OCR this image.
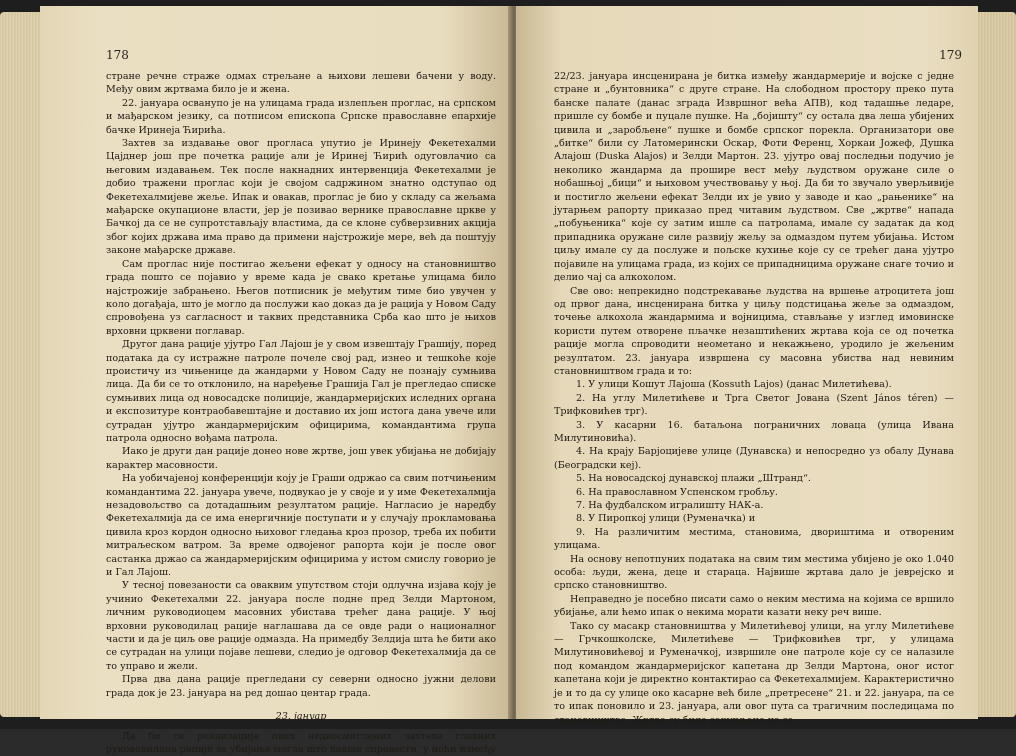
178

стране речне страже одмах стрељане а њихови лешеви бачени у воду. Међу овим жртвама било је и жена.

22. јануара осванупо је на улицама града излепљен проглас, на српском и мађарском језику, са потписом епископа Српске православне епархије бачке Иринеја Ћирића.

Захтев за издавање овог прогласа упутио је Иринеју Фекетехалми Цајднер још пре почетка рације али је Иринеј Ћирић одуговлачио са његовим издавањем. Тек после накнадних интервенција Фекетехалми је добио тражени проглас који је својом садржином знатно одступао од Фекетехалмијеве жеље. Ипак и овакав, проглас је био у складу са жељама мађарске окупационе власти, јер је позивао вернике православне цркве у Бачкој да се не супротстављају властима, да се клоне субверзивних акција због којих држава има право да примени најстрожије мере, већ да поштују законе мађарске државе.

Сам проглас није постигао жељени ефекат у односу на становништво града пошто се појавио у време када је свако кретање улицама било најстрожије забрањено. Његов потписник је међутим тиме био увучен у коло догађаја, што је могло да послужи као доказ да је рација у Новом Саду спровођена уз сагласност и таквих представника Срба као што је њихов врховни црквени поглавар.

Другог дана рације ујутро Гал Лајош је у свом извештају Грашију, поред података да су истражне патроле почеле свој рад, изнео и тешкоће које проистичу из чињенице да жандарми у Новом Саду не познају сумњива лица. Да би се то отклонило, на наређење Грашија Гал је прегледао списке сумњивих лица од новосадске полиције, жандармеријских иследних органа и експозитуре контраобавештајне и доставио их још истога дана увече или сутрадан ујутро жандармеријским официрима, командантима група патрола односно вођама патрола.

Иако је други дан рације донео нове жртве, још увек убијања не добијају карактер масовности.

На уобичајеној конференцији коју је Граши одржао са свим потчињеним командантима 22. јануара увече, подвукао је у своје и у име Фекетехалмија незадовољство са дотадашњим резултатом рације. Нагласио је наредбу Фекетехалмија да се има енергичније поступати и у случају прокламовања цивила кроз кордон односно њиховог гледања кроз прозор, треба их побити митраљеском ватром. За време одвојеног рапорта који је после овог састанка држао са жандармеријским официрима у истом смислу говорио је и Гал Лајош.

У тесној повезаности са оваквим упутством стоји одлучна изјава коју је учинио Фекетехалми 22. јануара после подне пред Зелди Мартоном, личним руководиоцем масовних убистава трећег дана рације. У њој врховни руководилац рације наглашава да се овде ради о националног части и да је циљ ове рације одмазда. На примедбу Зелдија шта ће бити ако се сутрадан на улици појаве лешеви, следио је одговор Фекетехалмија да се то управо и жели.

Прва два дана рације прегледани су северни односно јужни делови града док је 23. јануара на ред дошао центар града.

23. јануар

Да би се реализација ових недвосмислених захтева главних руководилаца рације за убијање могла што лакше спровести, у ноћи између

179

22/23. јануара инсценирана је битка између жандармерије и војске с једне стране и „бунтовника“ с друге стране. На слободном простору преко пута банске палате (данас зграда Извршног већа АПВ), код тадашње ледаре, пришле су бомбе и пуцале пушке. На „бојишту“ су остала два леша убијених цивила и „заробљене“ пушке и бомбе српског порекла. Организатори ове „битке“ били су Латомерински Оскар, Фоти Ференц, Хоркаи Јожеф, Душка Алајош (Duska Alajos) и Зелди Мартон. 23. ујутро овај последњи подучио је неколико жандарма да прошире вест међу људством оружане силе о нобашњој „бици“ и њиховом учествовању у њој. Да би то звучало уверљивије и постигло жељени ефекат Зелди их је увио у заводе и као „рањенике“ на јутарњем рапорту приказао пред читавим људством. Све „жртве“ напада „побуњеника“ које су затим ишле са патролама, имале су задатак да код припадника оружане силе развију жељу за одмаздом путем убијања. Истом циљу имале су да послуже и пољске кухиње које су се трећег дана ујутро појавиле на улицама града, из којих се припадницима оружане снаге точио и делио чај са алкохолом.

Све ово: непрекидно подстрекавање људства на вршење атроцитета још од првог дана, инсценирана битка у циљу подстицања жеље за одмаздом, точење алкохола жандармима и војницима, стављање у изглед имовинске користи путем отворене пљачке незаштићених жртава која се од почетка рације могла спроводити неометано и некажњено, уродило је жељеним резултатом. 23. јануара извршена су масовна убиства над невиним становништвом града и то:

1. У улици Кошут Лајоша (Kossuth Lajos) (данас Милетићева).

2. На углу Милетићеве и Трга Светог Јована (Szent János téren) — Трифковићев трг).

3. У касарни 16. батаљона пограничних ловаца (улица Ивана Милутиновића).

4. На крају Барјоцијеве улице (Дунавска) и непосредно уз обалу Дунава (Београдски кеј).

5. На новосадској дунавској плажи „Штранд“.

6. На православном Успенском гробљу.

7. На фудбалском игралишту НАК-а.

8. У Пиропкој улици (Руменачка) и

9. На различитим местима, становима, двориштима и отвореним улицама.

На основу непотпуних података на свим тим местима убијено је око 1.040 особа: људи, жена, деце и стараца. Највише жртава дало је јеврејско и српско становништво.

Неправедно је посебно писати само о неким местима на којима се вршило убијање, али ћемо ипак о некима морати казати неку реч више.

Тако су масакр становништва у Милетићевој улици, на углу Милетићеве — Грчкошколске, Милетићеве — Трифковићев трг, у улицама Милутиновићевој и Руменачкој, извршиле оне патроле које су се налазиле под командом жандармеријског капетана др Зелди Мартона, оног истог капетана који је директно контактирао са Фекетехалмијем. Карактеристично је и то да су улице око касарне већ биле „претресене“ 21. и 22. јануара, па се то ипак поновило и 23. јануара, али овог пута са трагичним последицама по становништво. Жртве су биле сакупљане из са-
